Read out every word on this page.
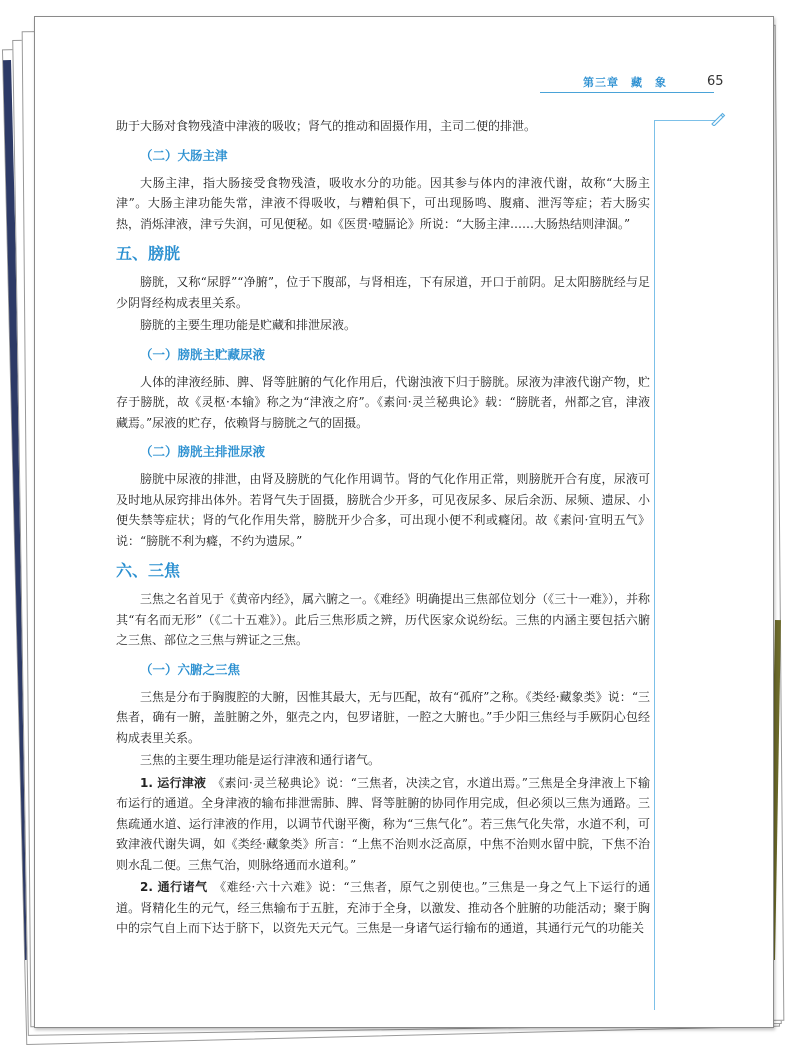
第三章　藏　象	65

助于大肠对食物残渣中津液的吸收；肾气的推动和固摄作用，主司二便的排泄。

（二）大肠主津

大肠主津，指大肠接受食物残渣，吸收水分的功能。因其参与体内的津液代谢，故称“大肠主津”。大肠主津功能失常，津液不得吸收，与糟粕俱下，可出现肠鸣、腹痛、泄泻等症；若大肠实热，消烁津液，津亏失润，可见便秘。如《医贯·噎膈论》所说：“大肠主津……大肠热结则津涸。”

五、膀胱

膀胱，又称“尿脬”“净腑”，位于下腹部，与肾相连，下有尿道，开口于前阴。足太阳膀胱经与足少阴肾经构成表里关系。

膀胱的主要生理功能是贮藏和排泄尿液。

（一）膀胱主贮藏尿液

人体的津液经肺、脾、肾等脏腑的气化作用后，代谢浊液下归于膀胱。尿液为津液代谢产物，贮存于膀胱，故《灵枢·本输》称之为“津液之府”。《素问·灵兰秘典论》载：“膀胱者，州都之官，津液藏焉。”尿液的贮存，依赖肾与膀胱之气的固摄。

（二）膀胱主排泄尿液

膀胱中尿液的排泄，由肾及膀胱的气化作用调节。肾的气化作用正常，则膀胱开合有度，尿液可及时地从尿窍排出体外。若肾气失于固摄，膀胱合少开多，可见夜尿多、尿后余沥、尿频、遗尿、小便失禁等症状；肾的气化作用失常，膀胱开少合多，可出现小便不利或癃闭。故《素问·宣明五气》说：“膀胱不利为癃，不约为遗尿。”

六、三焦

三焦之名首见于《黄帝内经》，属六腑之一。《难经》明确提出三焦部位划分（《三十一难》），并称其“有名而无形”（《二十五难》）。此后三焦形质之辨，历代医家众说纷纭。三焦的内涵主要包括六腑之三焦、部位之三焦与辨证之三焦。

（一）六腑之三焦

三焦是分布于胸腹腔的大腑，因惟其最大，无与匹配，故有“孤府”之称。《类经·藏象类》说：“三焦者，确有一腑，盖脏腑之外，躯壳之内，包罗诸脏，一腔之大腑也。”手少阳三焦经与手厥阴心包经构成表里关系。

三焦的主要生理功能是运行津液和通行诸气。

1. 运行津液　 《素问·灵兰秘典论》说：“三焦者，决渎之官，水道出焉。”三焦是全身津液上下输布运行的通道。全身津液的输布排泄需肺、脾、肾等脏腑的协同作用完成，但必须以三焦为通路。三焦疏通水道、运行津液的作用，以调节代谢平衡，称为“三焦气化”。若三焦气化失常，水道不利，可致津液代谢失调，如《类经·藏象类》所言：“上焦不治则水泛高原，中焦不治则水留中脘，下焦不治则水乱二便。三焦气治，则脉络通而水道利。”

2. 通行诸气　 《难经·六十六难》说：“三焦者，原气之别使也。”三焦是一身之气上下运行的通道。肾精化生的元气，经三焦输布于五脏，充沛于全身，以激发、推动各个脏腑的功能活动；聚于胸中的宗气自上而下达于脐下，以资先天元气。三焦是一身诸气运行输布的通道，其通行元气的功能关
